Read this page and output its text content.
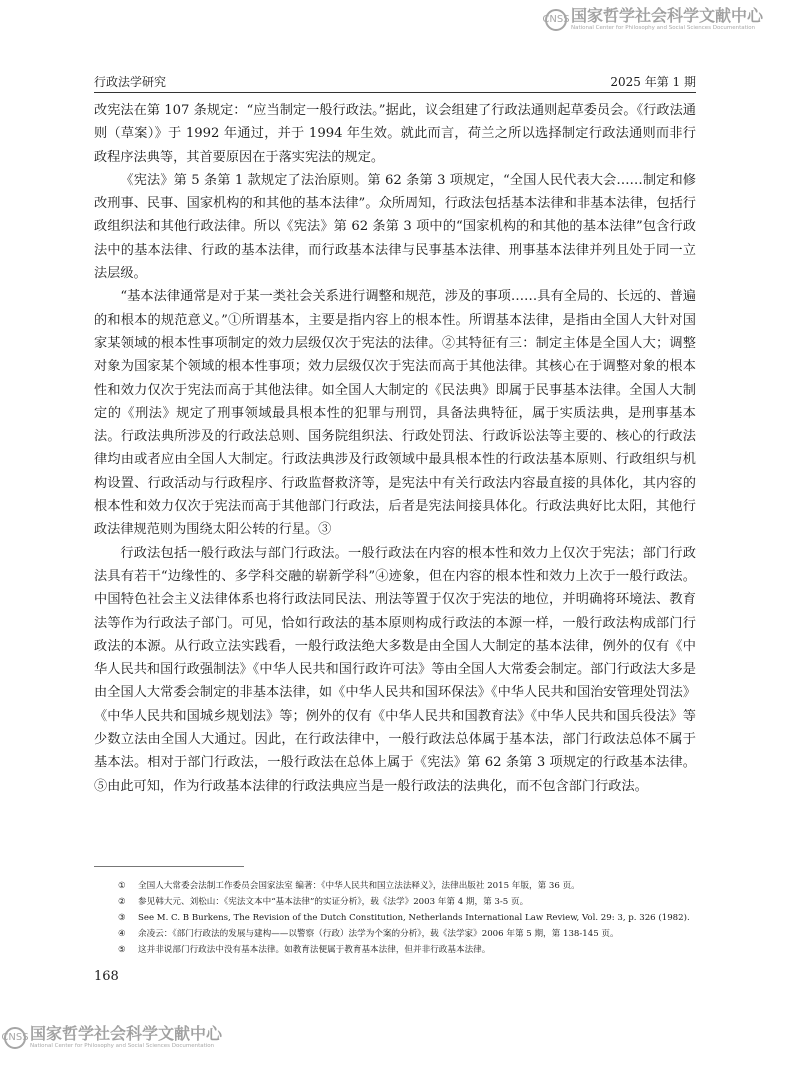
CNSS 国家哲学社会科学文献中心
National Center for Philosophy and Social Sciences Documentation
行政法学研究	2025 年第 1 期

改宪法在第 107 条规定：“应当制定一般行政法。”据此，议会组建了行政法通则起草委员会。《行政法通则（草案）》于 1992 年通过，并于 1994 年生效。就此而言，荷兰之所以选择制定行政法通则而非行政程序法典等，其首要原因在于落实宪法的规定。

《宪法》第 5 条第 1 款规定了法治原则。第 62 条第 3 项规定，“全国人民代表大会……制定和修改刑事、民事、国家机构的和其他的基本法律”。众所周知，行政法包括基本法律和非基本法律，包括行政组织法和其他行政法律。所以《宪法》第 62 条第 3 项中的“国家机构的和其他的基本法律”包含行政法中的基本法律、行政的基本法律，而行政基本法律与民事基本法律、刑事基本法律并列且处于同一立法层级。

“基本法律通常是对于某一类社会关系进行调整和规范，涉及的事项……具有全局的、长远的、普遍的和根本的规范意义。”①所谓基本，主要是指内容上的根本性。所谓基本法律，是指由全国人大针对国家某领域的根本性事项制定的效力层级仅次于宪法的法律。②其特征有三：制定主体是全国人大；调整对象为国家某个领域的根本性事项；效力层级仅次于宪法而高于其他法律。其核心在于调整对象的根本性和效力仅次于宪法而高于其他法律。如全国人大制定的《民法典》即属于民事基本法律。全国人大制定的《刑法》规定了刑事领域最具根本性的犯罪与刑罚，具备法典特征，属于实质法典，是刑事基本法。行政法典所涉及的行政法总则、国务院组织法、行政处罚法、行政诉讼法等主要的、核心的行政法律均由或者应由全国人大制定。行政法典涉及行政领域中最具根本性的行政法基本原则、行政组织与机构设置、行政活动与行政程序、行政监督救济等，是宪法中有关行政法内容最直接的具体化，其内容的根本性和效力仅次于宪法而高于其他部门行政法，后者是宪法间接具体化。行政法典好比太阳，其他行政法律规范则为围绕太阳公转的行星。③

行政法包括一般行政法与部门行政法。一般行政法在内容的根本性和效力上仅次于宪法；部门行政法具有若干“边缘性的、多学科交融的崭新学科”④迹象，但在内容的根本性和效力上次于一般行政法。中国特色社会主义法律体系也将行政法同民法、刑法等置于仅次于宪法的地位，并明确将环境法、教育法等作为行政法子部门。可见，恰如行政法的基本原则构成行政法的本源一样，一般行政法构成部门行政法的本源。从行政立法实践看，一般行政法绝大多数是由全国人大制定的基本法律，例外的仅有《中华人民共和国行政强制法》《中华人民共和国行政许可法》等由全国人大常委会制定。部门行政法大多是由全国人大常委会制定的非基本法律，如《中华人民共和国环保法》《中华人民共和国治安管理处罚法》《中华人民共和国城乡规划法》等；例外的仅有《中华人民共和国教育法》《中华人民共和国兵役法》等少数立法由全国人大通过。因此，在行政法律中，一般行政法总体属于基本法，部门行政法总体不属于基本法。相对于部门行政法，一般行政法在总体上属于《宪法》第 62 条第 3 项规定的行政基本法律。⑤由此可知，作为行政基本法律的行政法典应当是一般行政法的法典化，而不包含部门行政法。

①	全国人大常委会法制工作委员会国家法室 编著：《中华人民共和国立法法释义》，法律出版社 2015 年版，第 36 页。
②	参见韩大元、刘松山：《宪法文本中“基本法律”的实证分析》，载《法学》2003 年第 4 期，第 3-5 页。
③	See M. C. B Burkens, The Revision of the Dutch Constitution, Netherlands International Law Review, Vol. 29: 3, p. 326 (1982).
④	余凌云：《部门行政法的发展与建构——以警察（行政）法学为个案的分析》，载《法学家》2006 年第 5 期，第 138-145 页。
⑤	这并非说部门行政法中没有基本法律。如教育法便属于教育基本法律，但并非行政基本法律。
168
CNSS 国家哲学社会科学文献中心
National Center for Philosophy and Social Sciences Documentation
